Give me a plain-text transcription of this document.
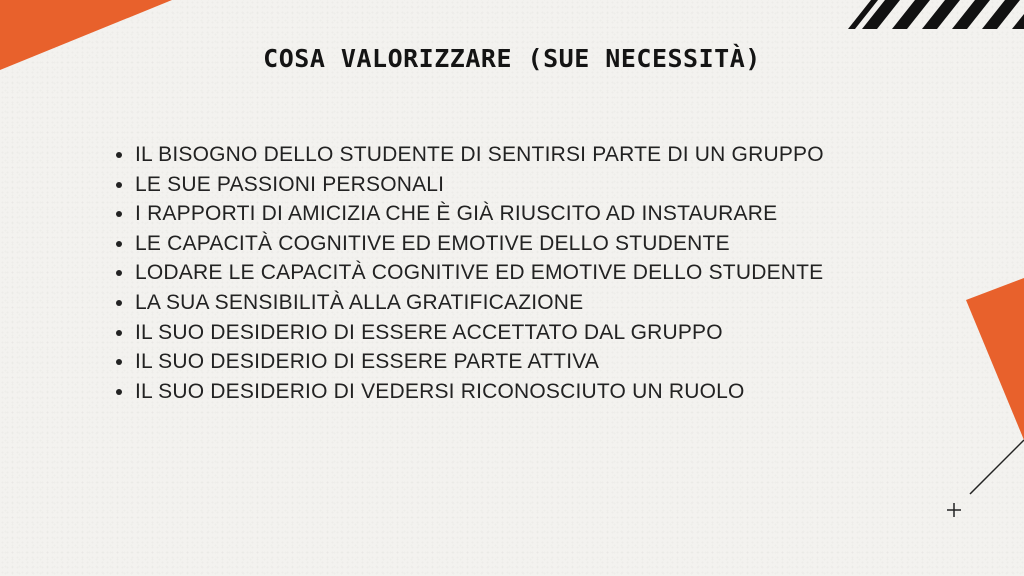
COSA VALORIZZARE (SUE NECESSITÀ)
IL BISOGNO DELLO STUDENTE DI SENTIRSI PARTE DI UN GRUPPO
LE SUE PASSIONI PERSONALI
I RAPPORTI DI AMICIZIA CHE È GIÀ RIUSCITO AD INSTAURARE
LE CAPACITÀ COGNITIVE ED EMOTIVE DELLO STUDENTE
LODARE LE CAPACITÀ COGNITIVE ED EMOTIVE DELLO STUDENTE
LA SUA SENSIBILITÀ ALLA GRATIFICAZIONE
IL SUO DESIDERIO DI ESSERE ACCETTATO DAL GRUPPO
IL SUO DESIDERIO DI ESSERE PARTE ATTIVA
IL SUO DESIDERIO DI VEDERSI RICONOSCIUTO UN RUOLO
